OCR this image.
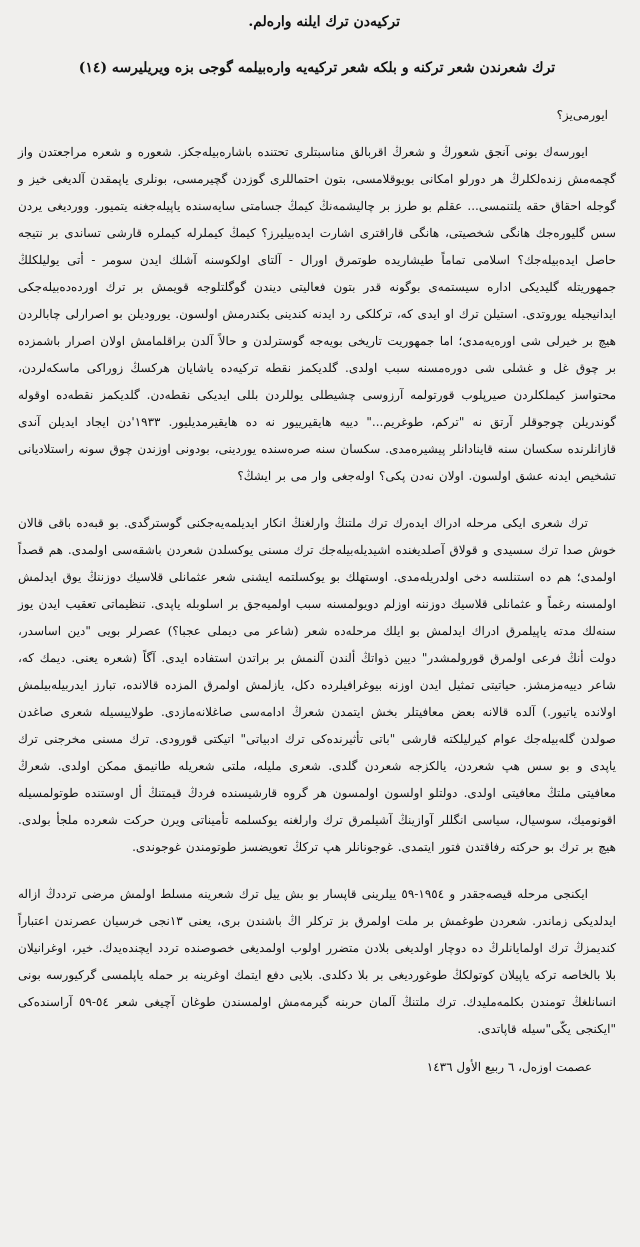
ترکیه‌دن ترك ایلنه واره‌لم.
ترك شعرندن شعر ترکنه و بلکه شعر ترکیه‌یه واره‌بیلمه گوجی بزه ویریلیرسه (١٤)

ایورمی‌یز؟

ایورسه‌ك بونی آنجق شعورڭ و شعرڭ اقربالق مناسبتلری تحتنده باشاره‌بیله‌جكز. شعوره و شعره مراجعتدن واز گچمه‌مش زنده‌لكلرڭ هر دورلو امكانی بویوقلامسی، بتون احتماللری گوزدن گچیرمسی، بونلری یاپمقدن آلدیغی خیز و گوجله احقاق حقه یلتنمسی... عقلم بو طرز بر چالیشمه‌نڭ كیمڭ جسامتی سایه‌سنده یاپیله‌جغنه یتمیور. وورديغی یردن سس گلیوره‌جك هانگی شخصیتی، هانگی قاراقتری اشارت ایده‌بیلیرز؟ كیمڭ كیملرله كیملره قارشی تساندی بر نتیجه حاصل ایده‌بیله‌جك؟ اسلامی تماماً طیشاریده طوتمرق اورال - آلتای اولكوسنه آشلك ایدن سومر - أتی یولیلكلڭ جمهوریتله گلیدیكی اداره سیستمه‌ی بوگونه قدر بتون فعالیتی دیندن گوگلتلوجه قویمش بر ترك اورده‌ده‌بیله‌جكی ایدانیجیله یوروتدی. استیلن ترك او ایدی كه، تركلكی رد ایدنه كندینی بكندرمش اولسون. یورودیلن بو اصرارلی چابالردن هیچ بر خیرلی شی اوره‌یه‌مدی؛ اما جمهوریت تاریخی بویه‌جه گوسترلدن و حالاً آلدن براقلمامش اولان اصرار باشمزده بر چوق غل و غشلی شی دوره‌مسنه سبب اولدی. گلدیكمز نقطه تركیه‌ده یاشایان هركسڭ زوراكی ماسكه‌لردن، محتواسز كیملكلردن صیرپلوب قورتولمه آرزوسی چشیطلی یوللردن بللی ایدیكی نقطه‌دن. گلدیكمز نقطه‌ده اوقوله گوندریلن چوجوقلر آرتق نه "تركم، طوغریم..." دییه هایقیرییور نه ده هایقیرمدیلیور. ١٩٣٣'دن ایجاد ایدیلن آندی قازانلرنده سكسان سنه قاینادانلر پیشیره‌مدی. سكسان سنه صره‌سنده یوردینی، بودونی اوزندن چوق سونه راستلادیانی تشخیص ایدنه عشق اولسون. اولان نه‌دن پكی؟ اوله‌جغی وار می بر ایشڭ؟

ترك شعری ایكی مرحله ادراك ایده‌رك ترك ملتنڭ وارلغنڭ انكار ایدیلمه‌یه‌جكنی گوسترگدی. بو قبه‌ده باقی قالان خوش صدا ترك سسیدی و قولاق آصلدیغنده اشیدیله‌بیله‌جك ترك مسنی یوكسلدن شعردن باشقه‌سی اولمدی. هم قصداً اولمدی؛ هم ده استنلسه دخی اولدریله‌مدی. اوستهلك بو یوكسلتمه ایشنی شعر عثمانلی قلاسیك دوزننڭ یوق ایدلمش اولمسنه رغماً و عثمانلی قلاسیك دوزننه اوزلم دویولمسنه سبب اولمیه‌جق بر اسلوبله یاپدی. تنظیماتی تعقیب ایدن یوز سنه‌لك مدته یاپیلمرق ادراك ایدلمش بو ایلك مرحله‌ده شعر (شاعر می دیملی عجبا؟) عصرلر بویی "دین اساسدر، دولت أنڭ فرعی اولمرق قورولمشدر" دیین ذواتڭ ألندن آلنمش بر براتدن استفاده ایدی. آگاً (شعره یعنی. دیمك كه، شاعر دییه‌مزمشز. حیاتیتی تمثیل ایدن اوزنه بیوغرافیلرده دكل، یازلمش اولمرق المزده قالانده، تبارز ایدربیله‌بیلمش اولانده یاتیور.) آلده قالانه بعض معافیتلر بخش ایتمدن شعرڭ ادامه‌سی صاغلانه‌مازدی. طولاییسیله شعری صاغدن صولدن گله‌بیله‌جك عوام كیرلیلكته قارشی "باتی تأثیرنده‌كی ترك ادبیاتی" اتیكتی قورودی. ترك مسنی مخرجنی ترك یاپدی و بو سس هپ شعردن، یالكزجه شعردن گلدی. شعری ملیله، ملتی شعریله طانیمق ممكن اولدی. شعرڭ معافیتی ملتڭ معافیتی اولدی. دولتلو اولسون اولمسون هر گروه قارشیسنده فردڭ قیمتنڭ أل اوستنده طوتولمسیله اقونومیك، سوسیال، سیاسی انگللر آوازینڭ آشیلمرق ترك وارلغنه یوكسلمه تأمیناتی ویرن حركت شعرده ملجأ بولدی. هیچ بر ترك بو حركته رفاقتدن فتور ایتمدی. غوجونانلر هپ تركڭ تعویضسز طوتومندن غوجوندی.

ایكنجی مرحله قیصه‌جقدر و ١٩٥٤-٥٩ ییلرینی قاپسار بو بش ییل ترك شعرینه مسلط اولمش مرضی ترددڭ ازاله ایدلدیكی زماندر. شعردن طوغمش بر ملت اولمرق بز تركلر اڭ باشندن بری، یعنی ١٣نجی خرسیان عصرندن اعتباراً كندیمزڭ ترك اولمایانلرڭ ده دوچار اولدیغی بلادن متضرر اولوب اولمدیغی خصوصنده تردد ایچنده‌یدك. خیر، اوغرانیلان بلا بالخاصه تركه یاپیلان كوتولكڭ طوغوردیغی بر بلا دكلدی. بلایی دفع ایتمك اوغرینه بر حمله یاپلمسی گركیورسه بونی انسانلغڭ تومندن بكلمه‌ملیدك. ترك ملتنڭ آلمان حربنه گیرمه‌مش اولمسندن طوغان آچیغی شعر ٥٤-٥٩ آراسنده‌كی "ایكنجی یكّی"سیله قاپاتدی.

عصمت اوزه‌ل، ٦ ربیع الأول ١٤٣٦
